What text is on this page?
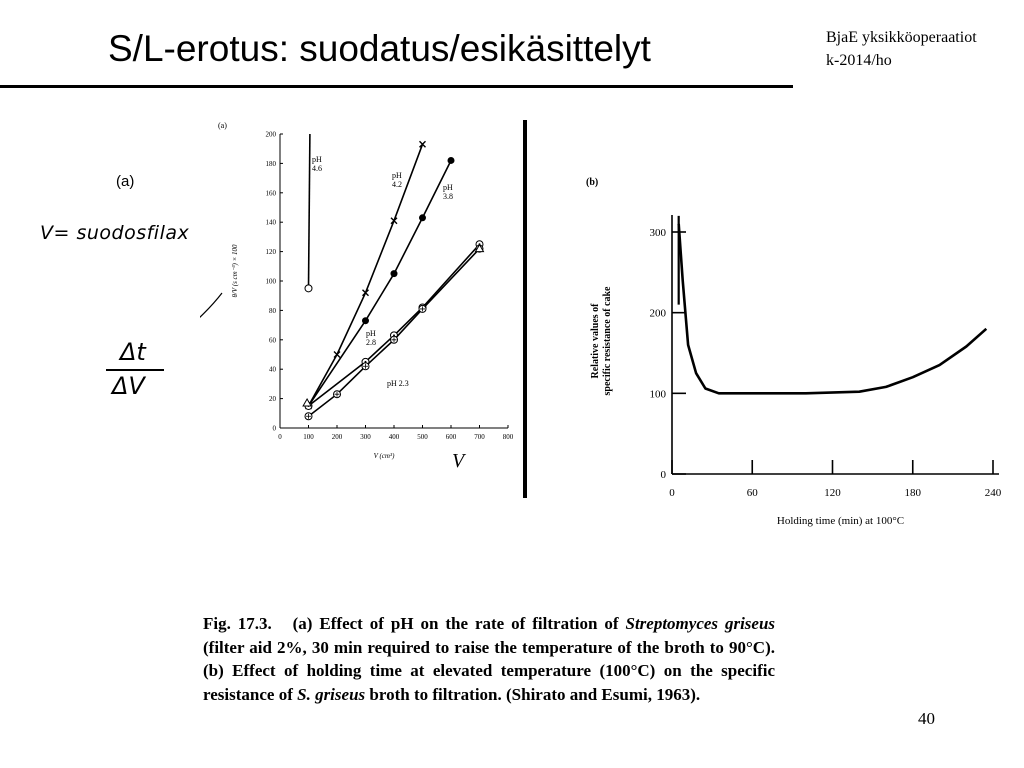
S/L-erotus: suodatus/esikäsittelyt	BjaE yksikköoperaatiot
k-2014/ho
(a)
V= suodosfilax
Δt
ΔV
(a)
V
0	100	200	300	400	500	600	700	800
0
20
40
60
80
100
120
140
160
180
200
V (cm³)
θ/V (s cm⁻³) × 100
pH
4.6
pH
4.2	pH
3.8
pH
2.8
pH 2.3
(b)
0	60	120	180	240
0
100
200
300
Holding time (min) at 100°C
Relative values of specific resistance of cake
Fig. 17.3. (a) Effect of pH on the rate of filtration of Streptomyces griseus (filter aid 2%, 30 min required to raise the temperature of the broth to 90°C). (b) Effect of holding time at elevated temperature (100°C) on the specific resistance of S. griseus broth to filtration. (Shirato and Esumi, 1963).
40
